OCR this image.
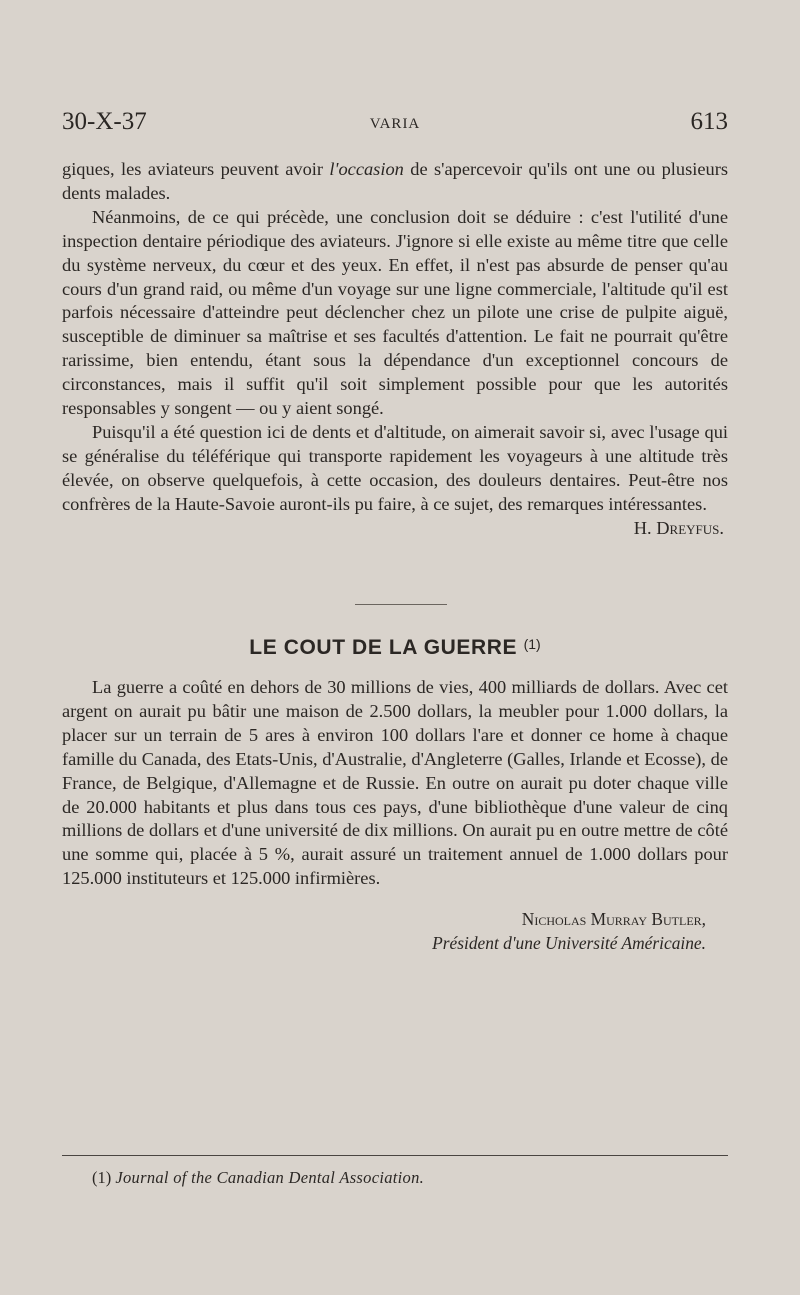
30-X-37	VARIA	613

giques, les aviateurs peuvent avoir l'occasion de s'apercevoir qu'ils ont une ou plusieurs dents malades.

Néanmoins, de ce qui précède, une conclusion doit se déduire : c'est l'utilité d'une inspection dentaire périodique des aviateurs. J'ignore si elle existe au même titre que celle du système nerveux, du cœur et des yeux. En effet, il n'est pas absurde de penser qu'au cours d'un grand raid, ou même d'un voyage sur une ligne commerciale, l'altitude qu'il est parfois nécessaire d'atteindre peut déclencher chez un pilote une crise de pulpite aiguë, susceptible de diminuer sa maîtrise et ses facultés d'attention. Le fait ne pourrait qu'être rarissime, bien entendu, étant sous la dépendance d'un exceptionnel concours de circonstances, mais il suffit qu'il soit simplement possible pour que les autorités responsables y songent — ou y aient songé.

Puisqu'il a été question ici de dents et d'altitude, on aimerait savoir si, avec l'usage qui se généralise du téléférique qui transporte rapidement les voyageurs à une altitude très élevée, on observe quelquefois, à cette occasion, des douleurs dentaires. Peut-être nos confrères de la Haute-Savoie auront-ils pu faire, à ce sujet, des remarques intéressantes.

H. Dreyfus.

LE COUT DE LA GUERRE $^{(1)}$

La guerre a coûté en dehors de 30 millions de vies, 400 milliards de dollars. Avec cet argent on aurait pu bâtir une maison de 2.500 dollars, la meubler pour 1.000 dollars, la placer sur un terrain de 5 ares à environ 100 dollars l'are et donner ce home à chaque famille du Canada, des Etats-Unis, d'Australie, d'Angleterre (Galles, Irlande et Ecosse), de France, de Belgique, d'Allemagne et de Russie. En outre on aurait pu doter chaque ville de 20.000 habitants et plus dans tous ces pays, d'une bibliothèque d'une valeur de cinq millions de dollars et d'une université de dix millions. On aurait pu en outre mettre de côté une somme qui, placée à 5 %, aurait assuré un traitement annuel de 1.000 dollars pour 125.000 instituteurs et 125.000 infirmières.

Nicholas Murray Butler,
Président d'une Université Américaine.
(1) Journal of the Canadian Dental Association.
